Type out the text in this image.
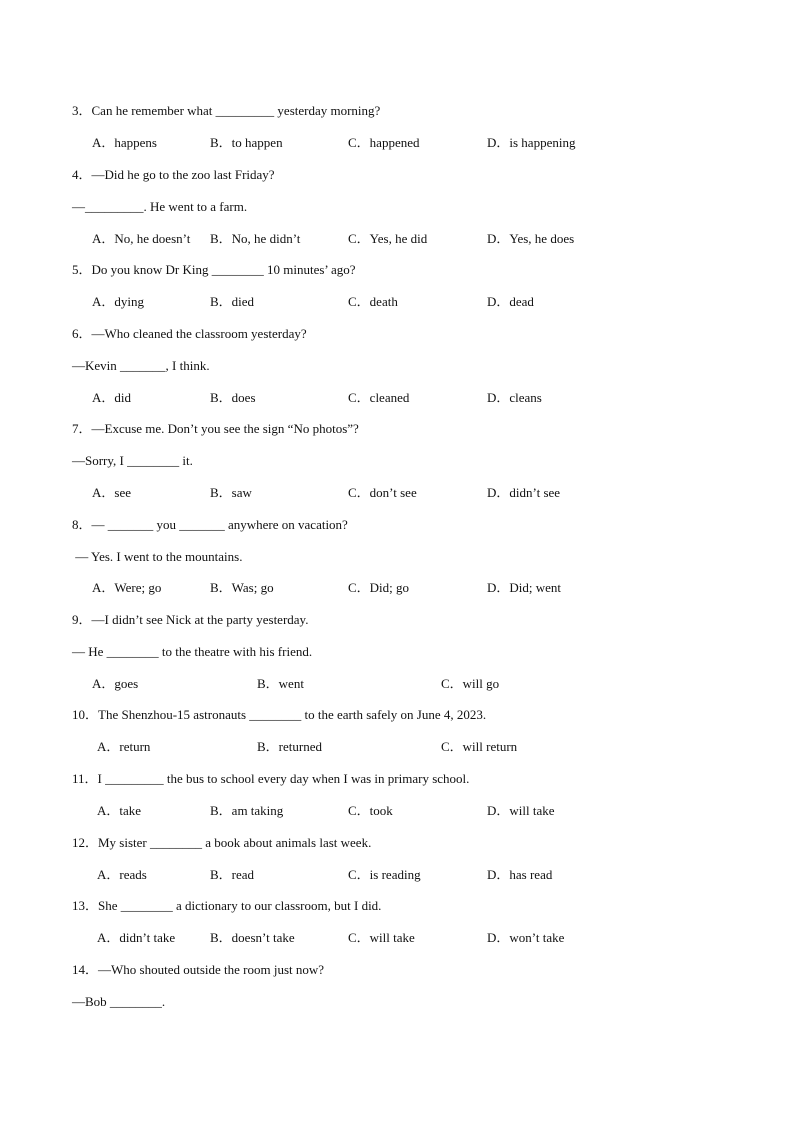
3．Can he remember what _________ yesterday morning?
A．happens	B．to happen	C．happened	D．is happening
4．—Did he go to the zoo last Friday?
—_________. He went to a farm.
A．No, he doesn’t B．No, he didn’t	C．Yes, he did	D．Yes, he does
5．Do you know Dr King ________ 10 minutes’ ago?
A．dying	B．died	C．death	D．dead
6．—Who cleaned the classroom yesterday?
—Kevin _______, I think.
A．did	B．does	C．cleaned	D．cleans
7．—Excuse me. Don’t you see the sign “No photos”?
—Sorry, I ________ it.
A．see	B．saw	C．don’t see	D．didn’t see
8．— _______ you _______ anywhere on vacation?
— Yes. I went to the mountains.
A．Were; go	B．Was; go	C．Did; go	D．Did; went
9．—I didn’t see Nick at the party yesterday.
— He ________ to the theatre with his friend.
A．goes	B．went	C．will go
10．The Shenzhou-15 astronauts ________ to the earth safely on June 4, 2023.
A．return	B．returned	C．will return
11．I _________ the bus to school every day when I was in primary school.
A．take	B．am taking	C．took	D．will take
12．My sister ________ a book about animals last week.
A．reads	B．read	C．is reading	D．has read
13．She ________ a dictionary to our classroom, but I did.
A．didn’t take	B．doesn’t take	C．will take	D．won’t take
14．—Who shouted outside the room just now?
—Bob ________.
